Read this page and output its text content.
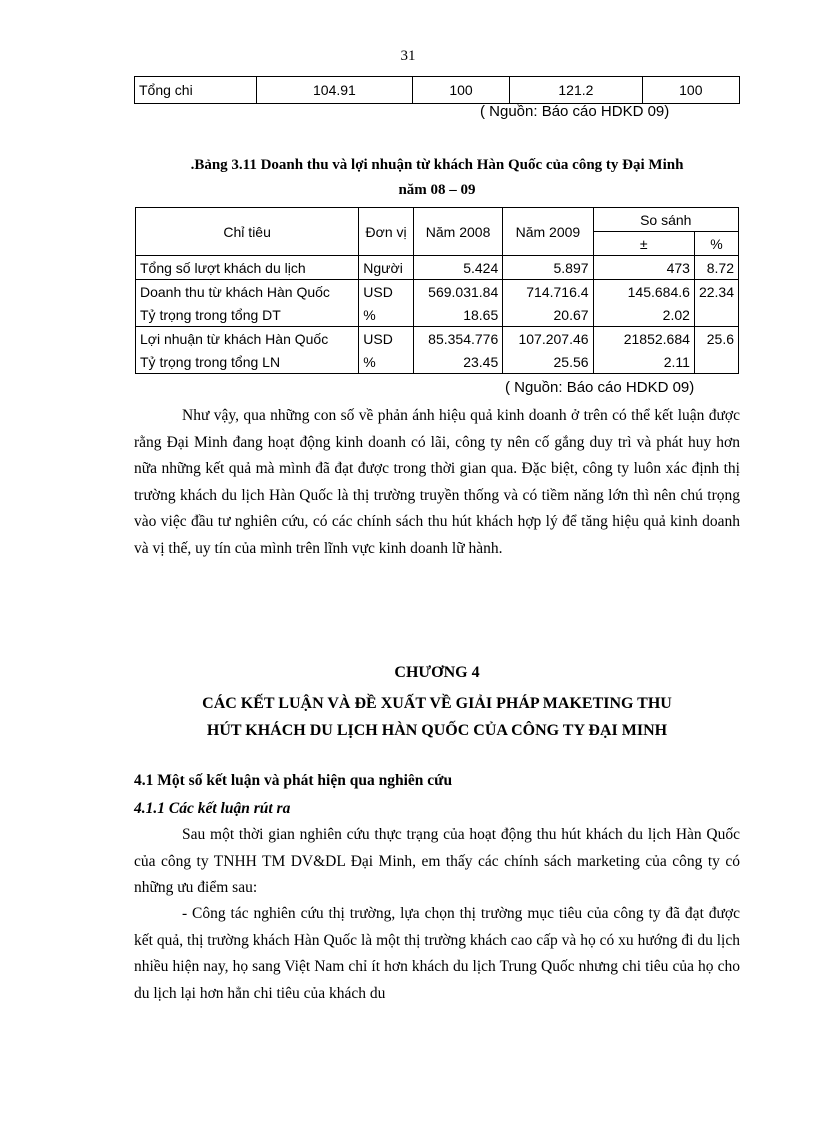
31
Tổng chi	104.91	100	121.2	100
( Nguồn: Báo cáo HDKD 09)
.Bảng 3.11 Doanh thu và lợi nhuận từ khách Hàn Quốc của công ty Đại Minh
năm 08 – 09
Chỉ tiêu	Đơn vị	Năm 2008	Năm 2009	So sánh	
				±	%
Tổng số lượt khách du lịch	Người	5.424	5.897	473	8.72
Doanh thu từ khách Hàn Quốc	USD	569.031.84	714.716.4	145.684.6	22.34
Tỷ trọng trong tổng DT	%	18.65	20.67	2.02	
Lợi nhuận từ khách Hàn Quốc	USD	85.354.776	107.207.46	21852.684	25.6
Tỷ trọng trong tổng LN	%	23.45	25.56	2.11	
( Nguồn: Báo cáo HDKD 09)
Như vậy, qua những con số về phản ánh hiệu quả kinh doanh ở trên có thể kết luận được rằng Đại Minh đang hoạt động kinh doanh có lãi, công ty nên cố gắng duy trì và phát huy hơn nữa những kết quả mà mình đã đạt được trong thời gian qua. Đặc biệt, công ty luôn xác định thị trường khách du lịch Hàn Quốc là thị trường truyền thống và có tiềm năng lớn thì nên chú trọng vào việc đầu tư nghiên cứu, có các chính sách thu hút khách hợp lý để tăng hiệu quả kinh doanh và vị thế, uy tín của mình trên lĩnh vực kinh doanh lữ hành.
CHƯƠNG 4
CÁC KẾT LUẬN VÀ ĐỀ XUẤT VỀ GIẢI PHÁP MAKETING THU
HÚT KHÁCH DU LỊCH HÀN QUỐC CỦA CÔNG TY ĐẠI MINH
4.1 Một số kết luận và phát hiện qua nghiên cứu
4.1.1 Các kết luận rút ra
Sau một thời gian nghiên cứu thực trạng của hoạt động thu hút khách du lịch Hàn Quốc của công ty TNHH TM DV&DL Đại Minh, em thấy các chính sách marketing của công ty có những ưu điểm sau:
- Công tác nghiên cứu thị trường, lựa chọn thị trường mục tiêu của công ty đã đạt được kết quả, thị trường khách Hàn Quốc là một thị trường khách cao cấp và họ có xu hướng đi du lịch nhiều hiện nay, họ sang Việt Nam chỉ ít hơn khách du lịch Trung Quốc nhưng chi tiêu của họ cho du lịch lại hơn hẳn chi tiêu của khách du
